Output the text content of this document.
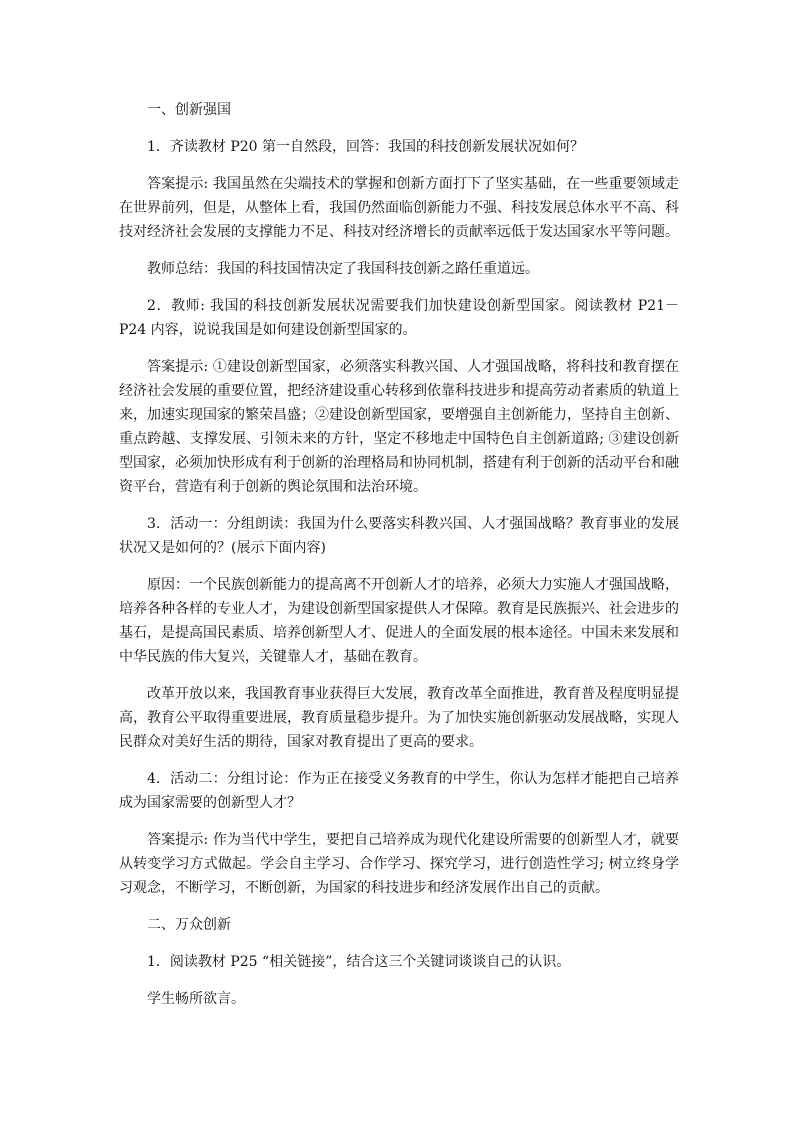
一、创新强国

1．齐读教材 P20 第一自然段，回答：我国的科技创新发展状况如何？

答案提示: 我国虽然在尖端技术的掌握和创新方面打下了坚实基础，在一些重要领域走在世界前列，但是，从整体上看，我国仍然面临创新能力不强、科技发展总体水平不高、科技对经济社会发展的支撑能力不足、科技对经济增长的贡献率远低于发达国家水平等问题。

教师总结：我国的科技国情决定了我国科技创新之路任重道远。

2．教师: 我国的科技创新发展状况需要我们加快建设创新型国家。阅读教材 P21－P24 内容，说说我国是如何建设创新型国家的。

答案提示: ①建设创新型国家，必须落实科教兴国、人才强国战略，将科技和教育摆在经济社会发展的重要位置，把经济建设重心转移到依靠科技进步和提高劳动者素质的轨道上来，加速实现国家的繁荣昌盛；②建设创新型国家，要增强自主创新能力，坚持自主创新、重点跨越、支撑发展、引领未来的方针，坚定不移地走中国特色自主创新道路; ③建设创新型国家，必须加快形成有利于创新的治理格局和协同机制，搭建有利于创新的活动平台和融资平台，营造有利于创新的舆论氛围和法治环境。

3．活动一：分组朗读：我国为什么要落实科教兴国、人才强国战略？教育事业的发展状况又是如何的？(展示下面内容)

原因：一个民族创新能力的提高离不开创新人才的培养，必须大力实施人才强国战略，培养各种各样的专业人才，为建设创新型国家提供人才保障。教育是民族振兴、社会进步的基石，是提高国民素质、培养创新型人才、促进人的全面发展的根本途径。中国未来发展和中华民族的伟大复兴，关键靠人才，基础在教育。

改革开放以来，我国教育事业获得巨大发展，教育改革全面推进，教育普及程度明显提高，教育公平取得重要进展，教育质量稳步提升。为了加快实施创新驱动发展战略，实现人民群众对美好生活的期待，国家对教育提出了更高的要求。

4．活动二：分组讨论：作为正在接受义务教育的中学生，你认为怎样才能把自己培养成为国家需要的创新型人才？

答案提示: 作为当代中学生，要把自己培养成为现代化建设所需要的创新型人才，就要从转变学习方式做起。学会自主学习、合作学习、探究学习，进行创造性学习; 树立终身学习观念，不断学习，不断创新，为国家的科技进步和经济发展作出自己的贡献。

二、万众创新

1．阅读教材 P25 “相关链接”，结合这三个关键词谈谈自己的认识。

学生畅所欲言。
